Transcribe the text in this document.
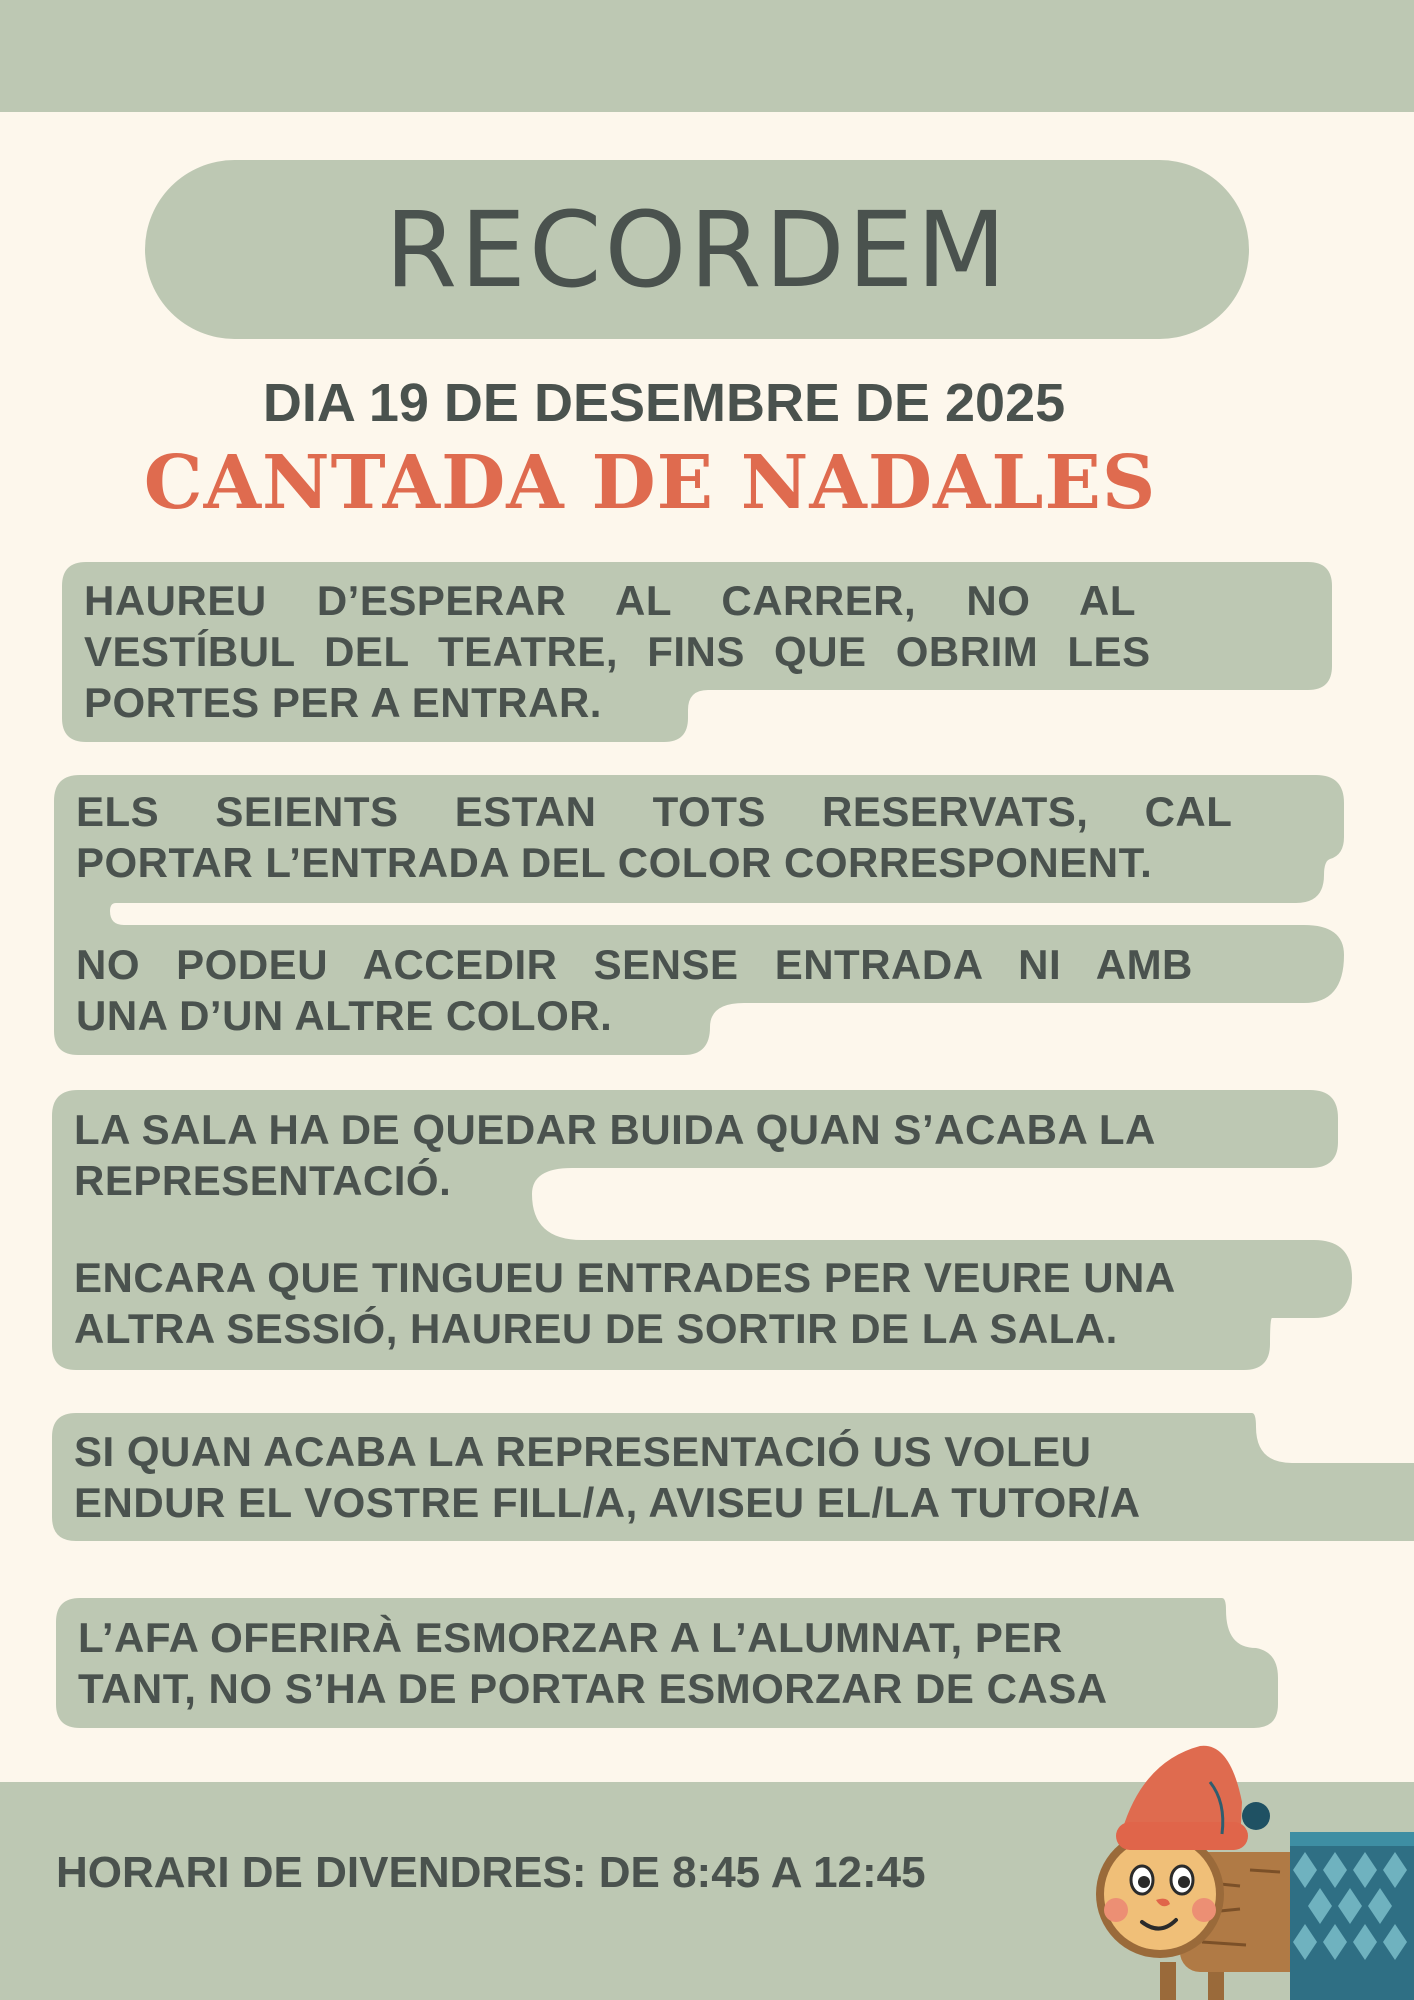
RECORDEM
DIA 19 DE DESEMBRE DE 2025
CANTADA DE NADALES
HAUREU D’ESPERAR AL CARRER, NO AL
VESTÍBUL DEL TEATRE, FINS QUE OBRIM LES
PORTES PER A ENTRAR.
ELS SEIENTS ESTAN TOTS RESERVATS, CAL
PORTAR L’ENTRADA DEL COLOR CORRESPONENT.
NO PODEU ACCEDIR SENSE ENTRADA NI AMB
UNA D’UN ALTRE COLOR.
LA SALA HA DE QUEDAR BUIDA QUAN S’ACABA LA
REPRESENTACIÓ.
ENCARA QUE TINGUEU ENTRADES PER VEURE UNA
ALTRA SESSIÓ, HAUREU DE SORTIR DE LA SALA.
SI QUAN ACABA LA REPRESENTACIÓ US VOLEU
ENDUR EL VOSTRE FILL/A, AVISEU EL/LA TUTOR/A
L’AFA OFERIRÀ ESMORZAR A L’ALUMNAT, PER
TANT, NO S’HA DE PORTAR ESMORZAR DE CASA
HORARI DE DIVENDRES: DE 8:45 A 12:45
